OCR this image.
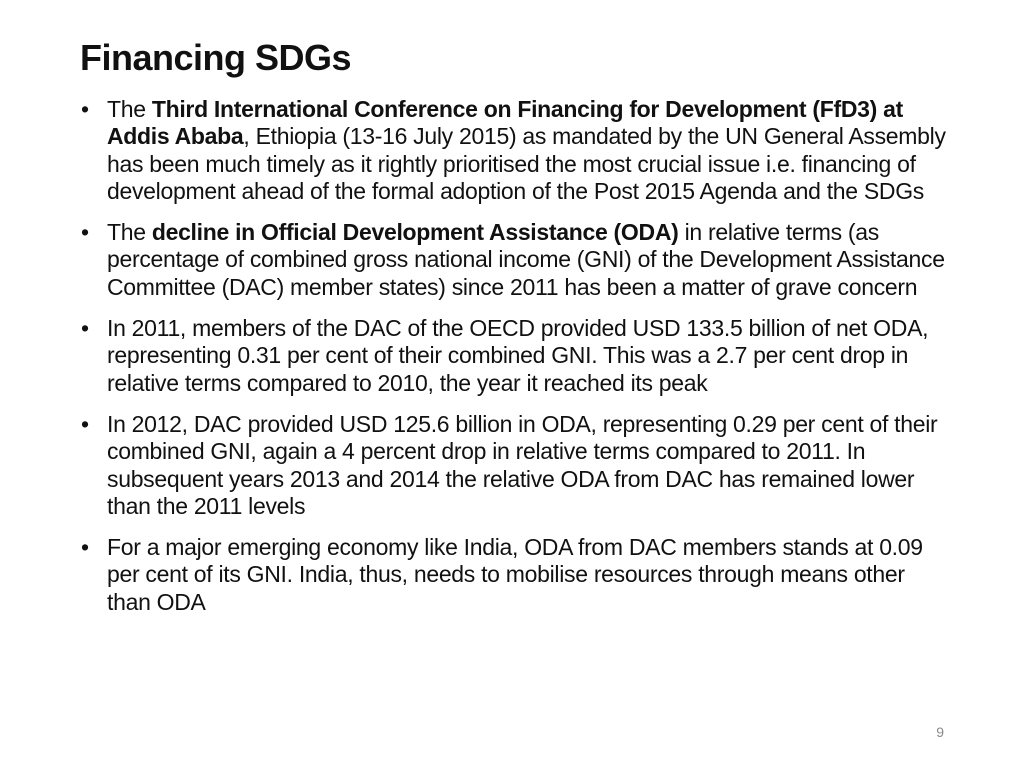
Financing SDGs
• The Third International Conference on Financing for Development (FfD3) at Addis Ababa, Ethiopia (13-16 July 2015) as mandated by the UN General Assembly has been much timely as it rightly prioritised the most crucial issue i.e. financing of development ahead of the formal adoption of the Post 2015 Agenda and the SDGs
• The decline in Official Development Assistance (ODA) in relative terms (as percentage of combined gross national income (GNI) of the Development Assistance Committee (DAC) member states) since 2011 has been a matter of grave concern
• In 2011, members of the DAC of the OECD provided USD 133.5 billion of net ODA, representing 0.31 per cent of their combined GNI. This was a 2.7 per cent drop in relative terms compared to 2010, the year it reached its peak
• In 2012, DAC provided USD 125.6 billion in ODA, representing 0.29 per cent of their combined GNI, again a 4 percent drop in relative terms compared to 2011. In subsequent years 2013 and 2014 the relative ODA from DAC has remained lower than the 2011 levels
• For a major emerging economy like India, ODA from DAC members stands at 0.09 per cent of its GNI. India, thus, needs to mobilise resources through means other than ODA
9
